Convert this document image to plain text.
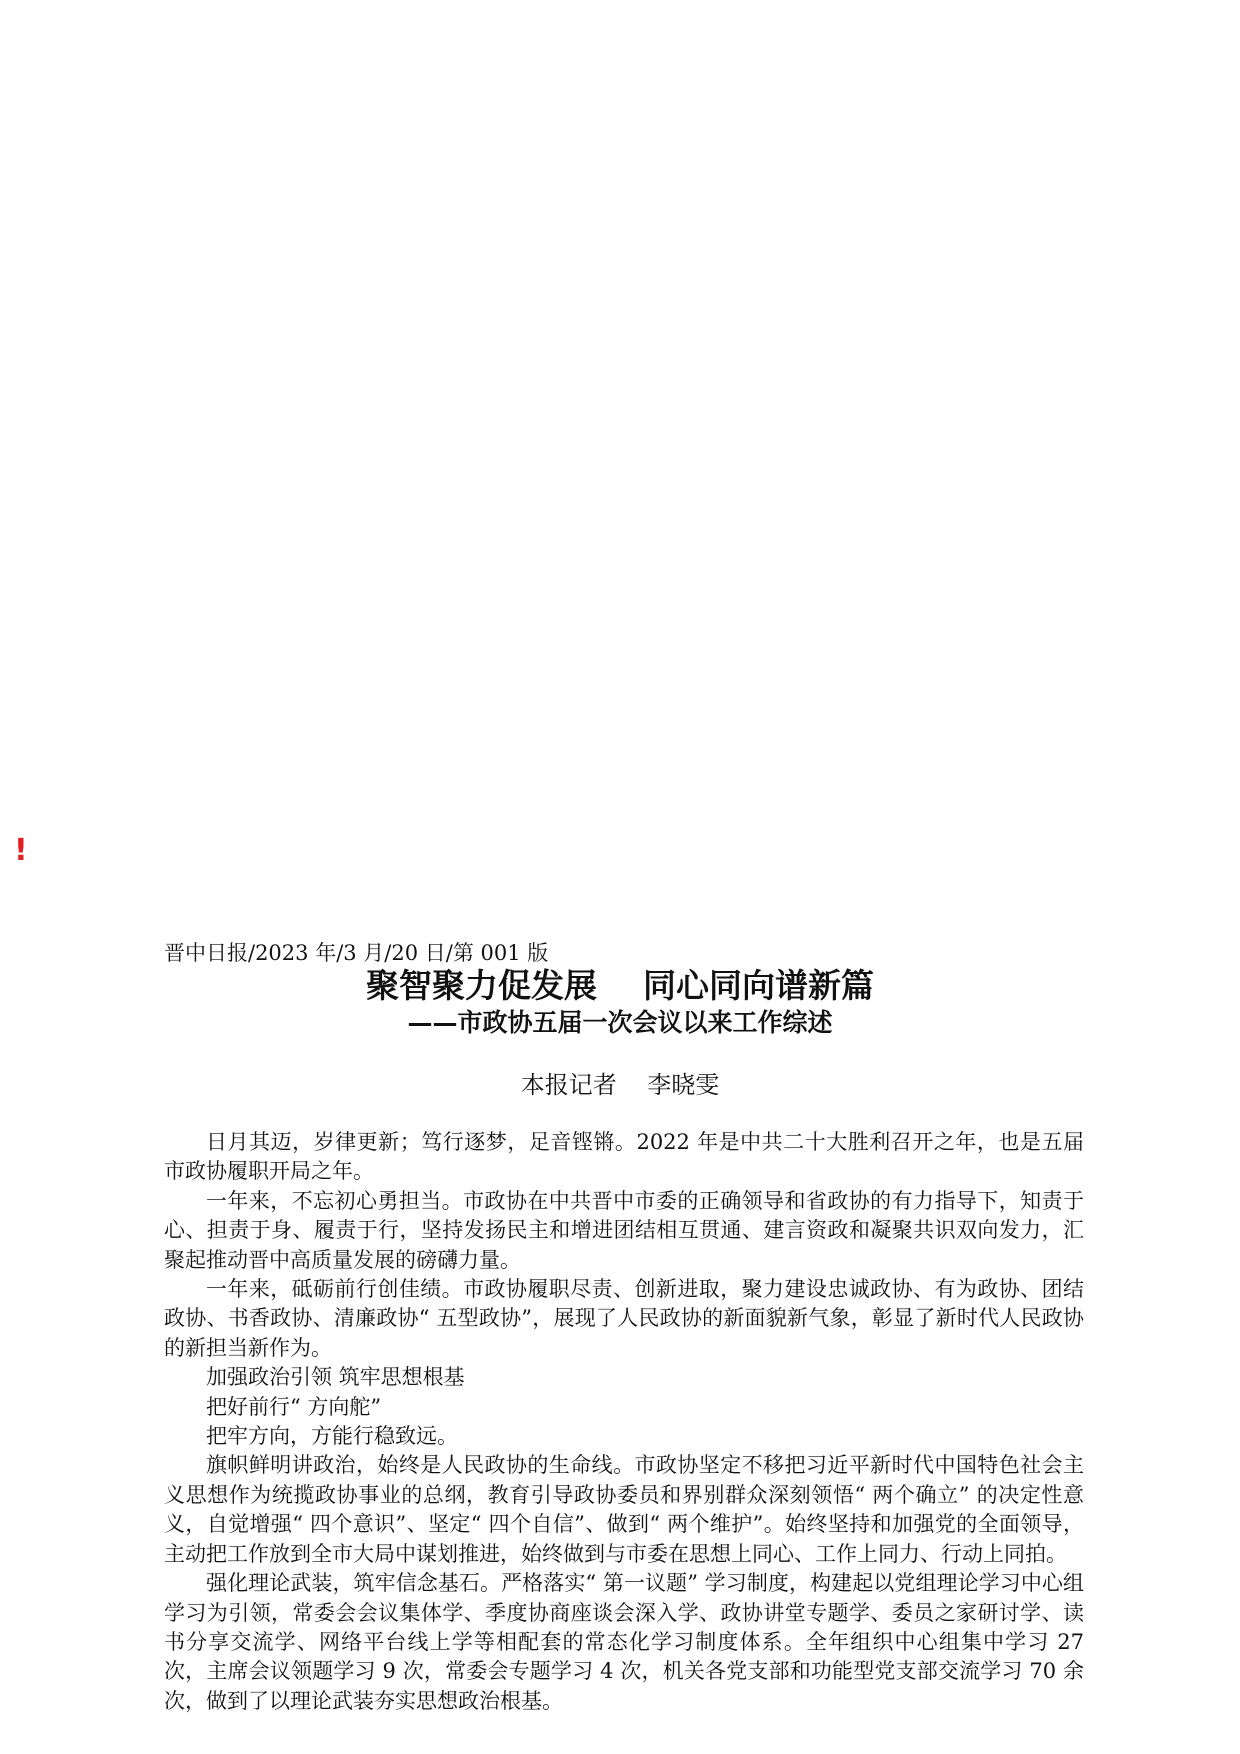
!
晋中日报/2023 年/3 月/20 日/第 001 版
聚智聚力促发展    同心同向谱新篇
——市政协五届一次会议以来工作综述
本报记者    李晓雯

日月其迈，岁律更新；笃行逐梦，足音铿锵。2022 年是中共二十大胜利召开之年，也是五届市政协履职开局之年。

一年来，不忘初心勇担当。市政协在中共晋中市委的正确领导和省政协的有力指导下，知责于心、担责于身、履责于行，坚持发扬民主和增进团结相互贯通、建言资政和凝聚共识双向发力，汇聚起推动晋中高质量发展的磅礴力量。

一年来，砥砺前行创佳绩。市政协履职尽责、创新进取，聚力建设忠诚政协、有为政协、团结政协、书香政协、清廉政协“ 五型政协”，展现了人民政协的新面貌新气象，彰显了新时代人民政协的新担当新作为。

加强政治引领 筑牢思想根基

把好前行“ 方向舵”

把牢方向，方能行稳致远。

旗帜鲜明讲政治，始终是人民政协的生命线。市政协坚定不移把习近平新时代中国特色社会主义思想作为统揽政协事业的总纲，教育引导政协委员和界别群众深刻领悟“ 两个确立” 的决定性意义，自觉增强“ 四个意识”、坚定“ 四个自信”、做到“ 两个维护”。始终坚持和加强党的全面领导，主动把工作放到全市大局中谋划推进，始终做到与市委在思想上同心、工作上同力、行动上同拍。

强化理论武装，筑牢信念基石。严格落实“ 第一议题” 学习制度，构建起以党组理论学习中心组学习为引领，常委会会议集体学、季度协商座谈会深入学、政协讲堂专题学、委员之家研讨学、读书分享交流学、网络平台线上学等相配套的常态化学习制度体系。全年组织中心组集中学习 27 次，主席会议领题学习 9 次，常委会专题学习 4 次，机关各党支部和功能型党支部交流学习 70 余次，做到了以理论武装夯实思想政治根基。
